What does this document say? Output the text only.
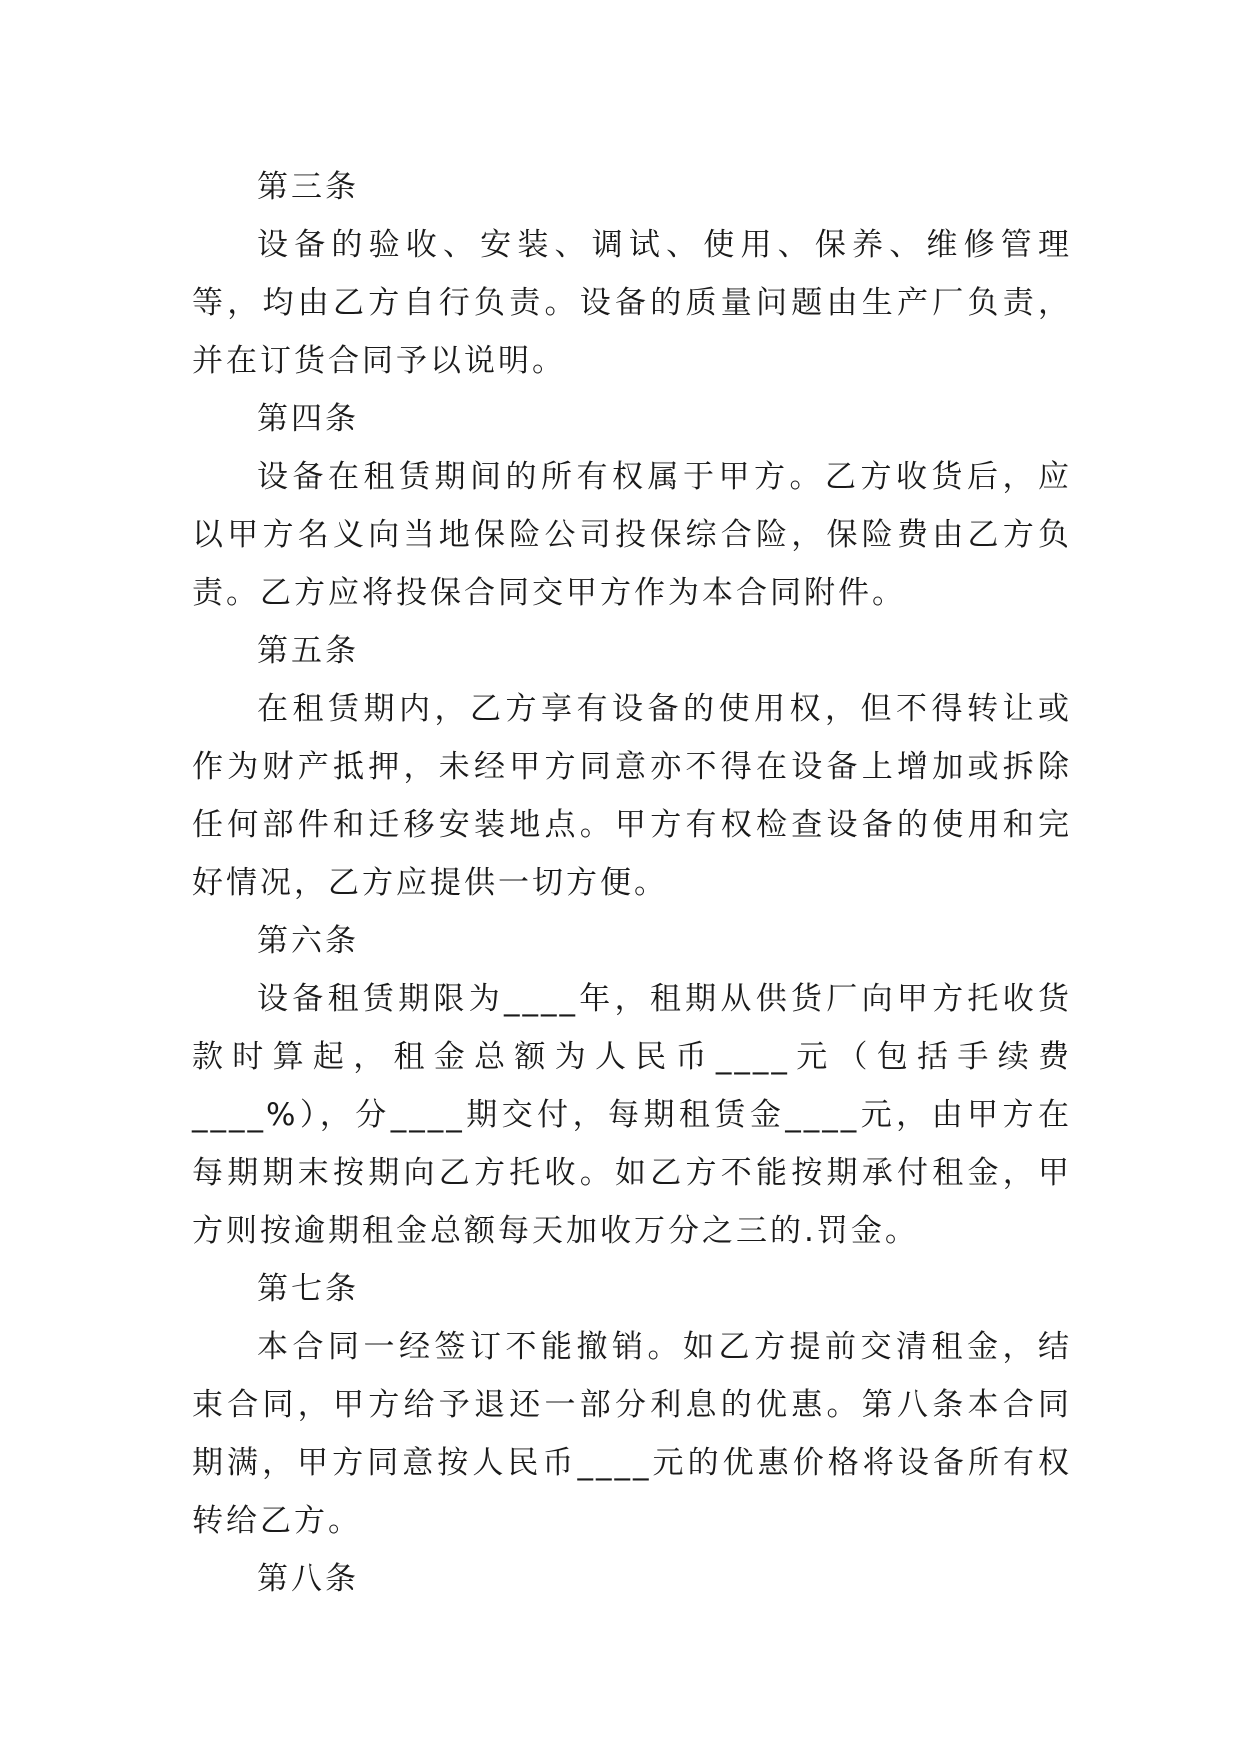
第三条

设备的验收、安装、调试、使用、保养、维修管理等，均由乙方自行负责。设备的质量问题由生产厂负责，并在订货合同予以说明。

第四条

设备在租赁期间的所有权属于甲方。乙方收货后，应以甲方名义向当地保险公司投保综合险，保险费由乙方负责。乙方应将投保合同交甲方作为本合同附件。

第五条

在租赁期内，乙方享有设备的使用权，但不得转让或作为财产抵押，未经甲方同意亦不得在设备上增加或拆除任何部件和迁移安装地点。甲方有权检查设备的使用和完好情况，乙方应提供一切方便。

第六条

设备租赁期限为____年，租期从供货厂向甲方托收货款时算起，租金总额为人民币____元（包括手续费____%），分____期交付，每期租赁金____元，由甲方在每期期末按期向乙方托收。如乙方不能按期承付租金，甲方则按逾期租金总额每天加收万分之三的.罚金。

第七条

本合同一经签订不能撤销。如乙方提前交清租金，结束合同，甲方给予退还一部分利息的优惠。第八条本合同期满，甲方同意按人民币____元的优惠价格将设备所有权转给乙方。

第八条
